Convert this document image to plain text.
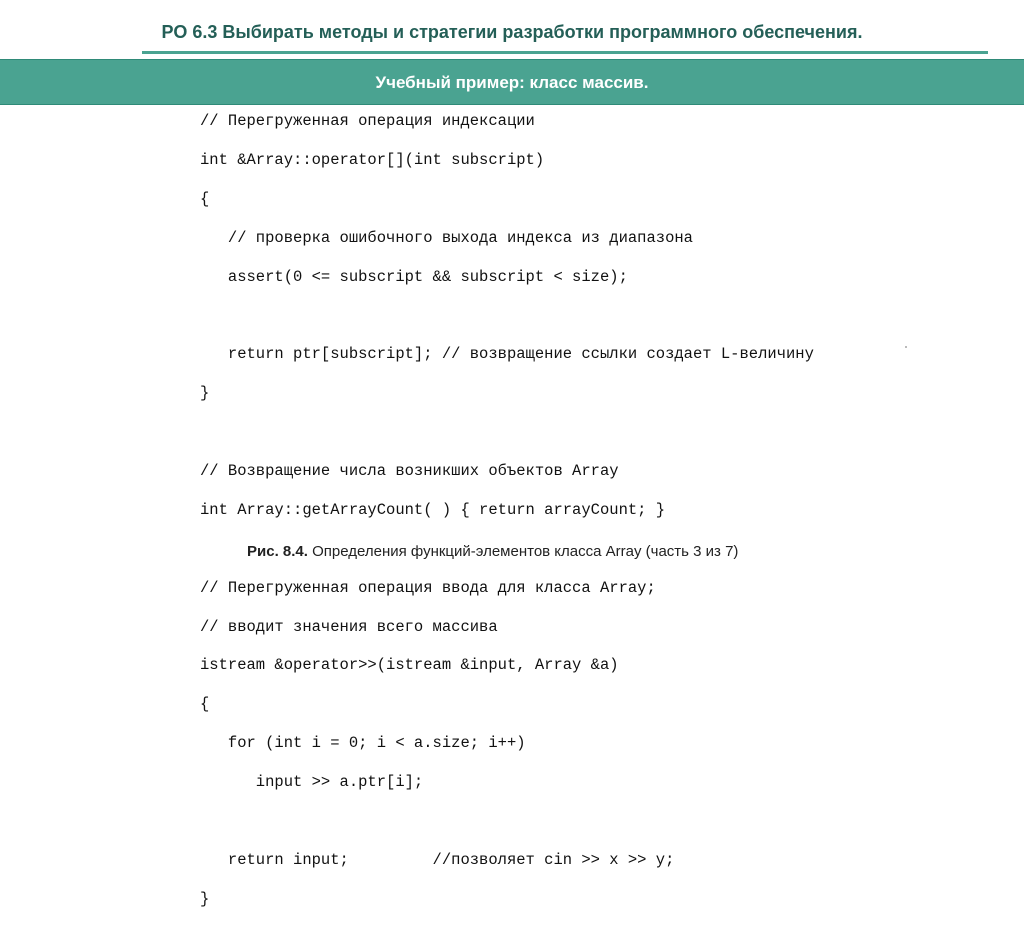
РО 6.3 Выбирать методы и стратегии разработки программного обеспечения.
Учебный пример: класс массив.
// Перегруженная операция индексации

int &Array::operator[](int subscript)

{

// проверка ошибочного выхода индекса из диапазона

assert(0 <= subscript && subscript < size);

return ptr[subscript]; // возвращение ссылки создает L-величину

}

// Возвращение числа возникших объектов Array

int Array::getArrayCount( ) { return arrayCount; }

// Перегруженная операция ввода для класса Array;

// вводит значения всего массива

istream &operator>>(istream &input, Array &a)

{

for (int i = 0; i < a.size; i++)

input >> a.ptr[i];

return input;         //позволяет cin >> x >> y;

}

Рис. 8.4. Определения функций-элементов класса Array (часть 3 из 7)
